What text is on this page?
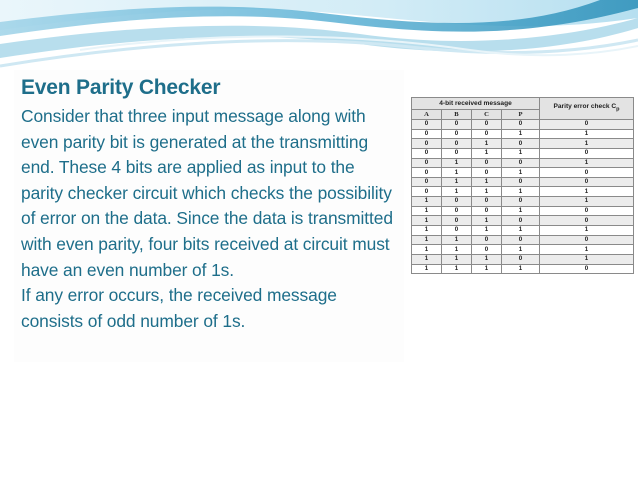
Even Parity Checker

Consider that three input message along with even parity bit is generated at the transmitting end. These 4 bits are applied as input to the parity checker circuit which checks the possibility of error on the data. Since the data is transmitted with even parity, four bits received at circuit must have an even number of 1s.

If any error occurs, the received message consists of odd number of 1s.

4-bit received message				Parity error check $C_p$
A	B	C	P	
0	0	0	0	0
0	0	0	1	1
0	0	1	0	1
0	0	1	1	0
0	1	0	0	1
0	1	0	1	0
0	1	1	0	0
0	1	1	1	1
1	0	0	0	1
1	0	0	1	0
1	0	1	0	0
1	0	1	1	1
1	1	0	0	0
1	1	0	1	1
1	1	1	0	1
1	1	1	1	0
